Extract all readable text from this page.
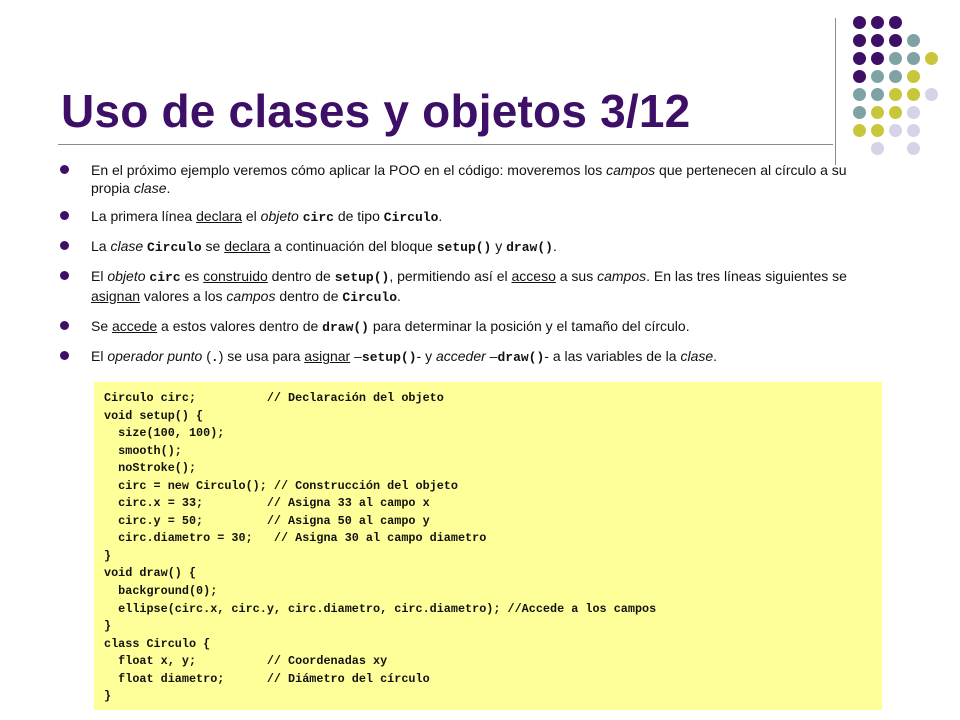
Uso de clases y objetos 3/12
En el próximo ejemplo veremos cómo aplicar la POO en el código: moveremos los campos que pertenecen al círculo a su propia clase.
La primera línea declara el objeto circ de tipo Circulo.
La clase Circulo se declara a continuación del bloque setup() y draw().
El objeto circ es construido dentro de setup(), permitiendo así el acceso a sus campos. En las tres líneas siguientes se asignan valores a los campos dentro de Circulo.
Se accede a estos valores dentro de draw() para determinar la posición y el tamaño del círculo.
El operador punto (.) se usa para asignar –setup()- y acceder –draw()- a las variables de la clase.
Circulo circ;          // Declaración del objeto
void setup() {
size(100, 100);
smooth();
noStroke();
circ = new Circulo(); // Construcción del objeto
circ.x = 33;         // Asigna 33 al campo x
circ.y = 50;         // Asigna 50 al campo y
circ.diametro = 30;   // Asigna 30 al campo diametro
}
void draw() {
background(0);
ellipse(circ.x, circ.y, circ.diametro, circ.diametro); //Accede a los campos
}
class Circulo {
float x, y;          // Coordenadas xy
float diametro;      // Diámetro del círculo
}
